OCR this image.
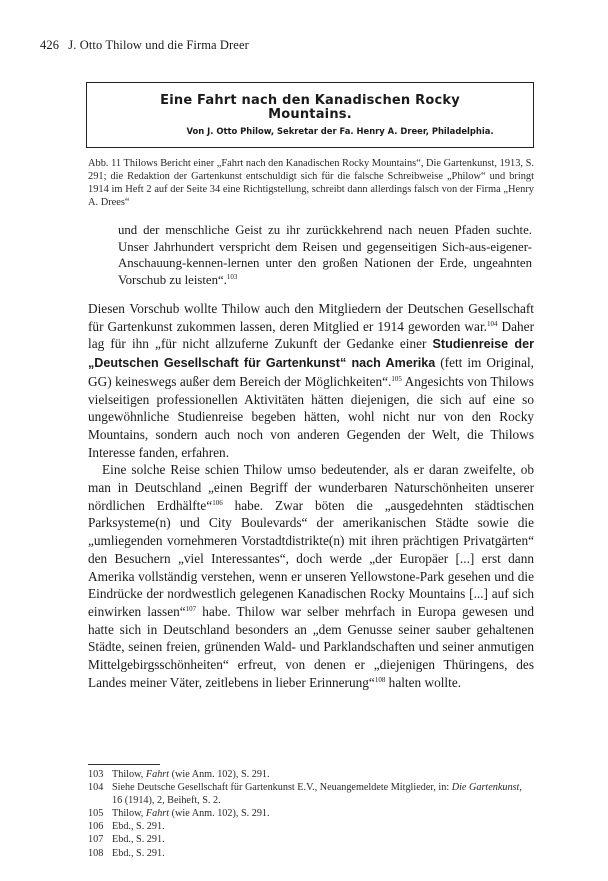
426 J. Otto Thilow und die Firma Dreer
Eine Fahrt nach den Kanadischen Rocky
Mountains.
Von J. Otto Philow, Sekretar der Fa. Henry A. Dreer, Philadelphia.
Abb. 11 Thilows Bericht einer „Fahrt nach den Kanadischen Rocky Mountains“, Die Gartenkunst, 1913, S. 291; die Redaktion der Gartenkunst entschuldigt sich für die falsche Schreibweise „Philow“ und bringt 1914 im Heft 2 auf der Seite 34 eine Richtigstellung, schreibt dann allerdings falsch von der Firma „Henry A. Drees“

und der menschliche Geist zu ihr zurückkehrend nach neuen Pfaden suchte. Unser Jahrhundert verspricht dem Reisen und gegenseitigen Sich-aus-eigener-Anschauung-kennen-lernen unter den großen Nationen der Erde, ungeahnten Vorschub zu leisten“.$^{103}$

Diesen Vorschub wollte Thilow auch den Mitgliedern der Deutschen Gesellschaft für Gartenkunst zukommen lassen, deren Mitglied er 1914 geworden war.$^{104}$ Daher lag für ihn „für nicht allzuferne Zukunft der Gedanke einer Studienreise der „Deutschen Gesellschaft für Gartenkunst“ nach Amerika (fett im Original, GG) keineswegs außer dem Bereich der Möglichkeiten“.$^{105}$ Angesichts von Thilows vielseitigen professionellen Aktivitäten hätten diejenigen, die sich auf eine so ungewöhnliche Studienreise begeben hätten, wohl nicht nur von den Rocky Mountains, sondern auch noch von anderen Gegenden der Welt, die Thilows Interesse fanden, erfahren.

Eine solche Reise schien Thilow umso bedeutender, als er daran zweifelte, ob man in Deutschland „einen Begriff der wunderbaren Naturschönheiten unserer nördlichen Erdhälfte“$^{106}$ habe. Zwar böten die „ausgedehnten städtischen Parksysteme(n) und City Boulevards“ der amerikanischen Städte sowie die „umliegenden vornehmeren Vorstadtdistrikte(n) mit ihren prächtigen Privatgärten“ den Besuchern „viel Interessantes“, doch werde „der Europäer [...] erst dann Amerika vollständig verstehen, wenn er unseren Yellowstone-Park gesehen und die Eindrücke der nordwestlich gelegenen Kanadischen Rocky Mountains [...] auf sich einwirken lassen“$^{107}$ habe. Thilow war selber mehrfach in Europa gewesen und hatte sich in Deutschland besonders an „dem Genusse seiner sauber gehaltenen Städte, seinen freien, grünenden Wald- und Parklandschaften und seiner anmutigen Mittelgebirgsschönheiten“ erfreut, von denen er „diejenigen Thüringens, des Landes meiner Väter, zeitlebens in lieber Erinnerung“$^{108}$ halten wollte.

103 Thilow, Fahrt (wie Anm. 102), S. 291.
104 Siehe Deutsche Gesellschaft für Gartenkunst E.V., Neuangemeldete Mitglieder, in: Die Gartenkunst, 16 (1914), 2, Beiheft, S. 2.
105 Thilow, Fahrt (wie Anm. 102), S. 291.
106 Ebd., S. 291.
107 Ebd., S. 291.
108 Ebd., S. 291.
